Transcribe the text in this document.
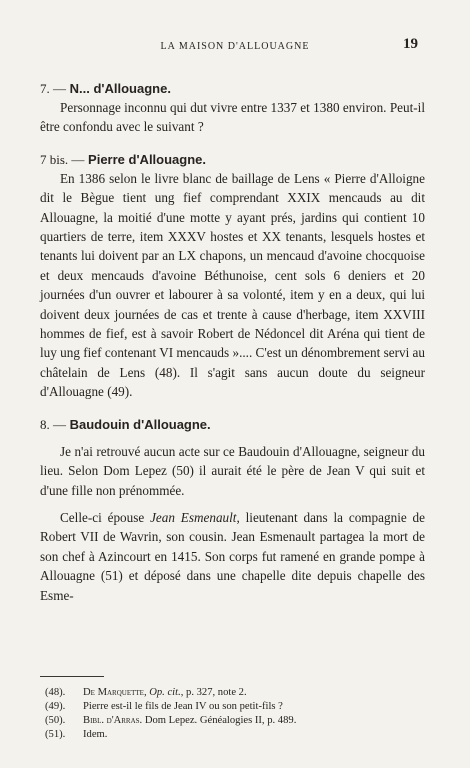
LA MAISON D'ALLOUAGNE	19
7. — N... d'Allouagne.

Personnage inconnu qui dut vivre entre 1337 et 1380 environ. Peut-il être confondu avec le suivant ?

7 bis. — Pierre d'Allouagne.

En 1386 selon le livre blanc de baillage de Lens « Pierre d'Alloigne dit le Bègue tient ung fief comprendant XXIX mencauds au dit Allouagne, la moitié d'une motte y ayant prés, jardins qui contient 10 quartiers de terre, item XXXV hostes et XX tenants, lesquels hostes et tenants lui doivent par an LX chapons, un mencaud d'avoine chocquoise et deux mencauds d'avoine Béthunoise, cent sols 6 deniers et 20 journées d'un ouvrer et labourer à sa volonté, item y en a deux, qui lui doivent deux journées de cas et trente à cause d'herbage, item XXVIII hommes de fief, est à savoir Robert de Nédoncel dit Aréna qui tient de luy ung fief contenant VI mencauds ».... C'est un dénombrement servi au châtelain de Lens (48). Il s'agit sans aucun doute du seigneur d'Allouagne (49).

8. — Baudouin d'Allouagne.

Je n'ai retrouvé aucun acte sur ce Baudouin d'Allouagne, seigneur du lieu. Selon Dom Lepez (50) il aurait été le père de Jean V qui suit et d'une fille non prénommée.

Celle-ci épouse Jean Esmenault, lieutenant dans la compagnie de Robert VII de Wavrin, son cousin. Jean Esmenault partagea la mort de son chef à Azincourt en 1415. Son corps fut ramené en grande pompe à Allouagne (51) et déposé dans une chapelle dite depuis chapelle des Esme-

(48). De Marquette, Op. cit., p. 327, note 2.
(49). Pierre est-il le fils de Jean IV ou son petit-fils ?
(50). Bibl. d'Arras. Dom Lepez. Généalogies II, p. 489.
(51). Idem.
